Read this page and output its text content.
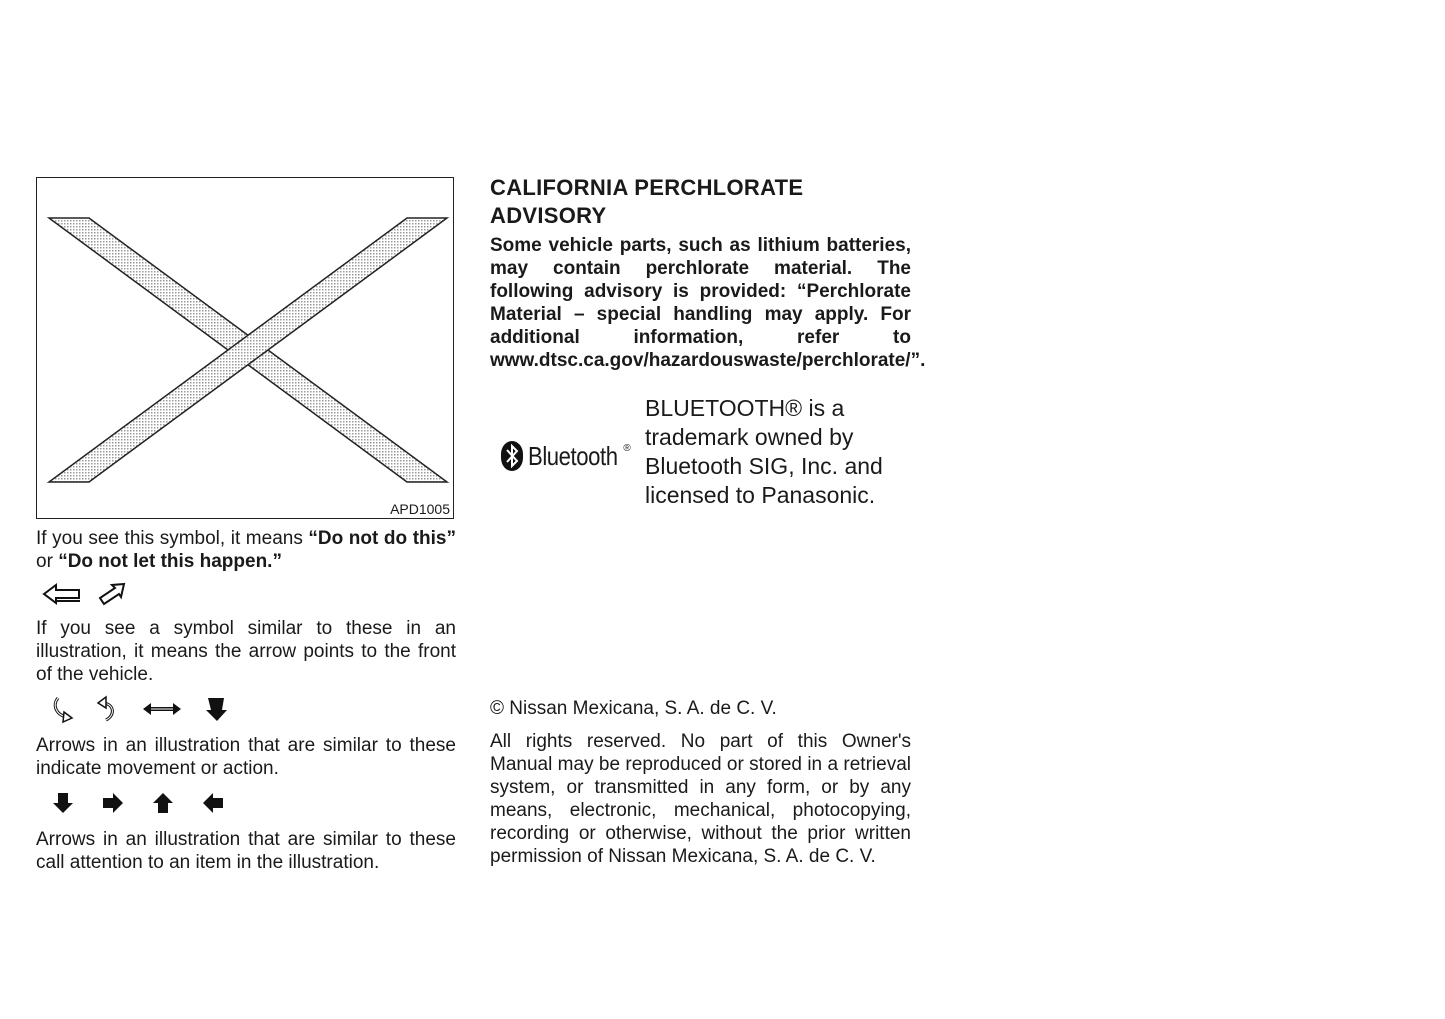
APD1005

If you see this symbol, it means “Do not do this” or “Do not let this happen.”

If you see a symbol similar to these in an illustration, it means the arrow points to the front of the vehicle.

Arrows in an illustration that are similar to these indicate movement or action.

Arrows in an illustration that are similar to these call attention to an item in the illustration.

CALIFORNIA PERCHLORATE
ADVISORY

Some vehicle parts, such as lithium batteries, may contain perchlorate material. The following advisory is provided: “Perchlorate Material – special handling may apply. For additional information, refer to www.dtsc.ca.gov/hazardouswaste/perchlorate/”.

Bluetooth ®
BLUETOOTH® is a trademark owned by Bluetooth SIG, Inc. and licensed to Panasonic.

© Nissan Mexicana, S. A. de C. V.

All rights reserved. No part of this Owner's Manual may be reproduced or stored in a retrieval system, or transmitted in any form, or by any means, electronic, mechanical, photocopying, recording or otherwise, without the prior written permission of Nissan Mexicana, S. A. de C. V.
